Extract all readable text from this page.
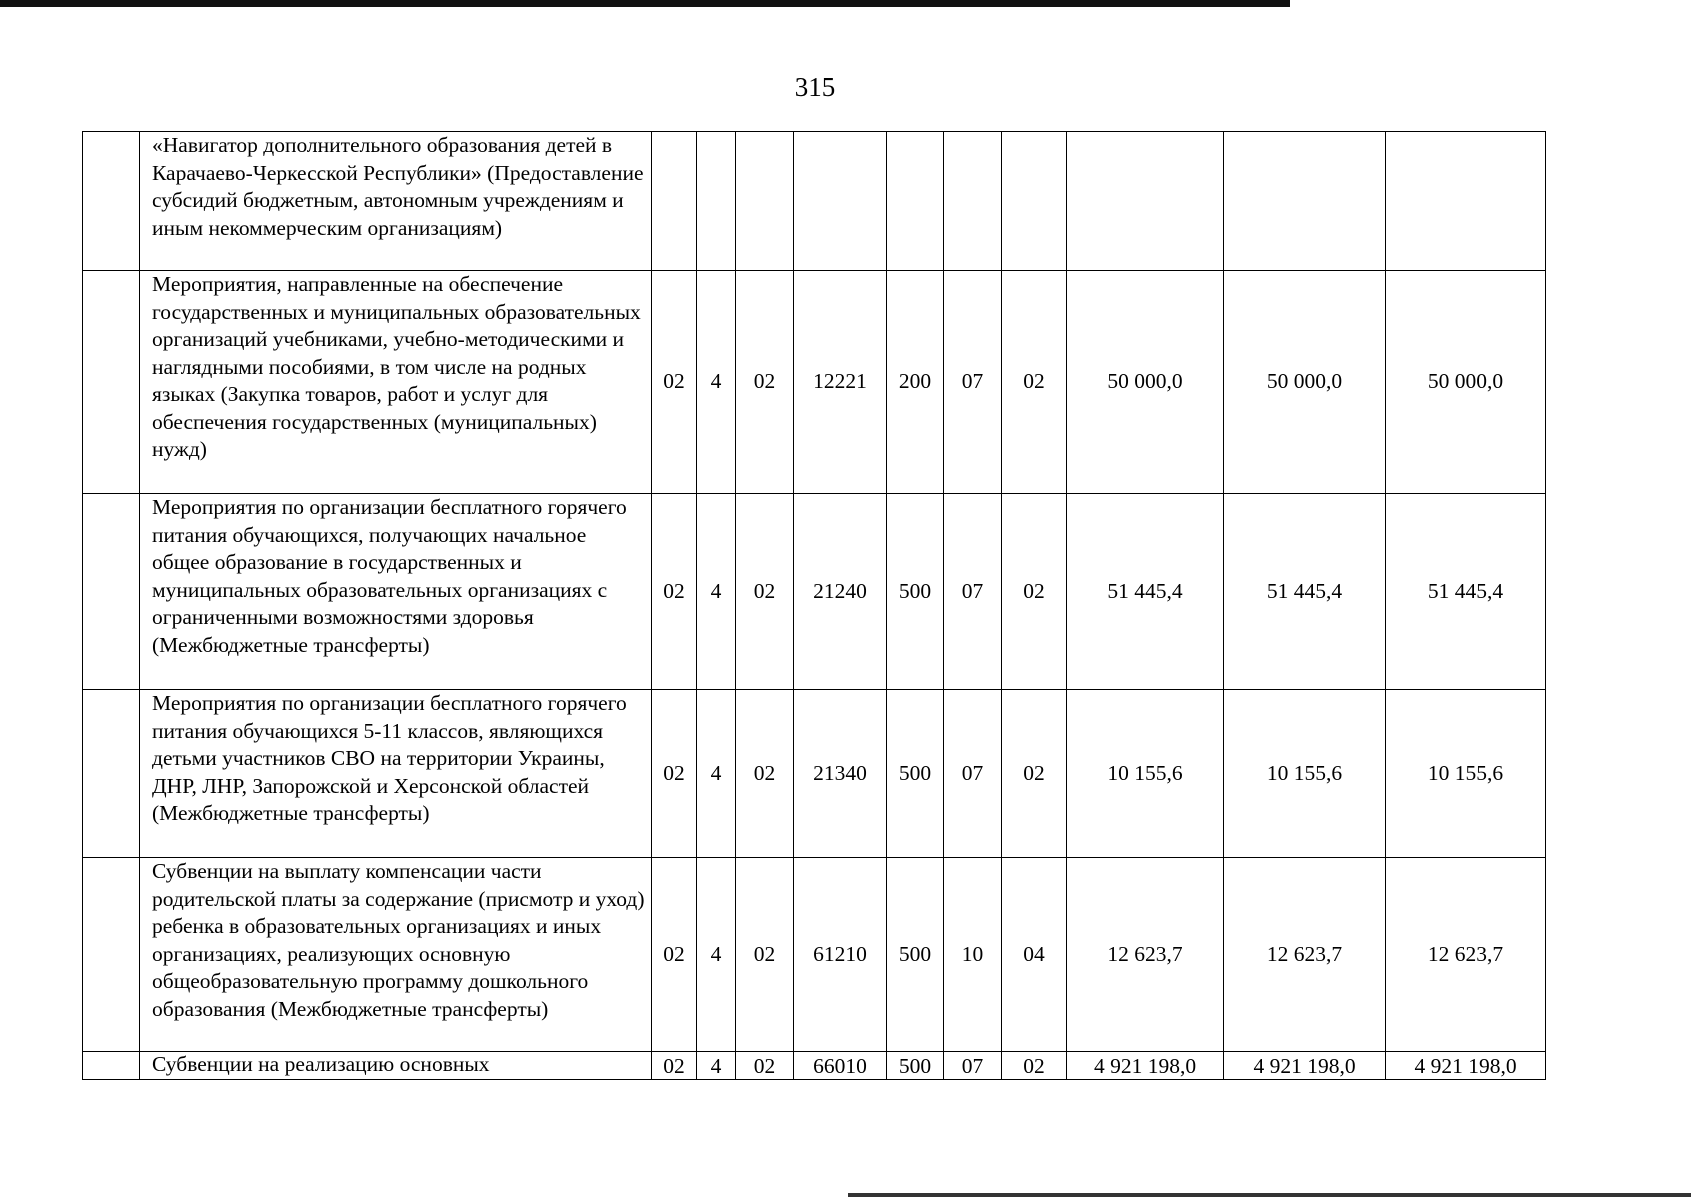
315
	«Навигатор дополнительного образования детей в Карачаево-Черкесской Республики» (Предоставление субсидий бюджетным, автономным учреждениям и иным некоммерческим организациям)										
	Мероприятия, направленные на обеспечение государственных и муниципальных образовательных организаций учебниками, учебно-методическими и наглядными пособиями, в том числе на родных языках (Закупка товаров, работ и услуг для обеспечения государственных (муниципальных) нужд)	02	4	02	12221	200	07	02	50 000,0	50 000,0	50 000,0
	Мероприятия по организации бесплатного горячего питания обучающихся, получающих начальное общее образование в государственных и муниципальных образовательных организациях с ограниченными возможностями здоровья (Межбюджетные трансферты)	02	4	02	21240	500	07	02	51 445,4	51 445,4	51 445,4
	Мероприятия по организации бесплатного горячего питания обучающихся 5-11 классов, являющихся детьми участников СВО на территории Украины, ДНР, ЛНР, Запорожской и Херсонской областей (Межбюджетные трансферты)	02	4	02	21340	500	07	02	10 155,6	10 155,6	10 155,6
	Субвенции на выплату компенсации части родительской платы за содержание (присмотр и уход) ребенка в образовательных организациях и иных организациях, реализующих основную общеобразовательную программу дошкольного образования (Межбюджетные трансферты)	02	4	02	61210	500	10	04	12 623,7	12 623,7	12 623,7
	Субвенции на реализацию основных	02	4	02	66010	500	07	02	4 921 198,0	4 921 198,0	4 921 198,0
